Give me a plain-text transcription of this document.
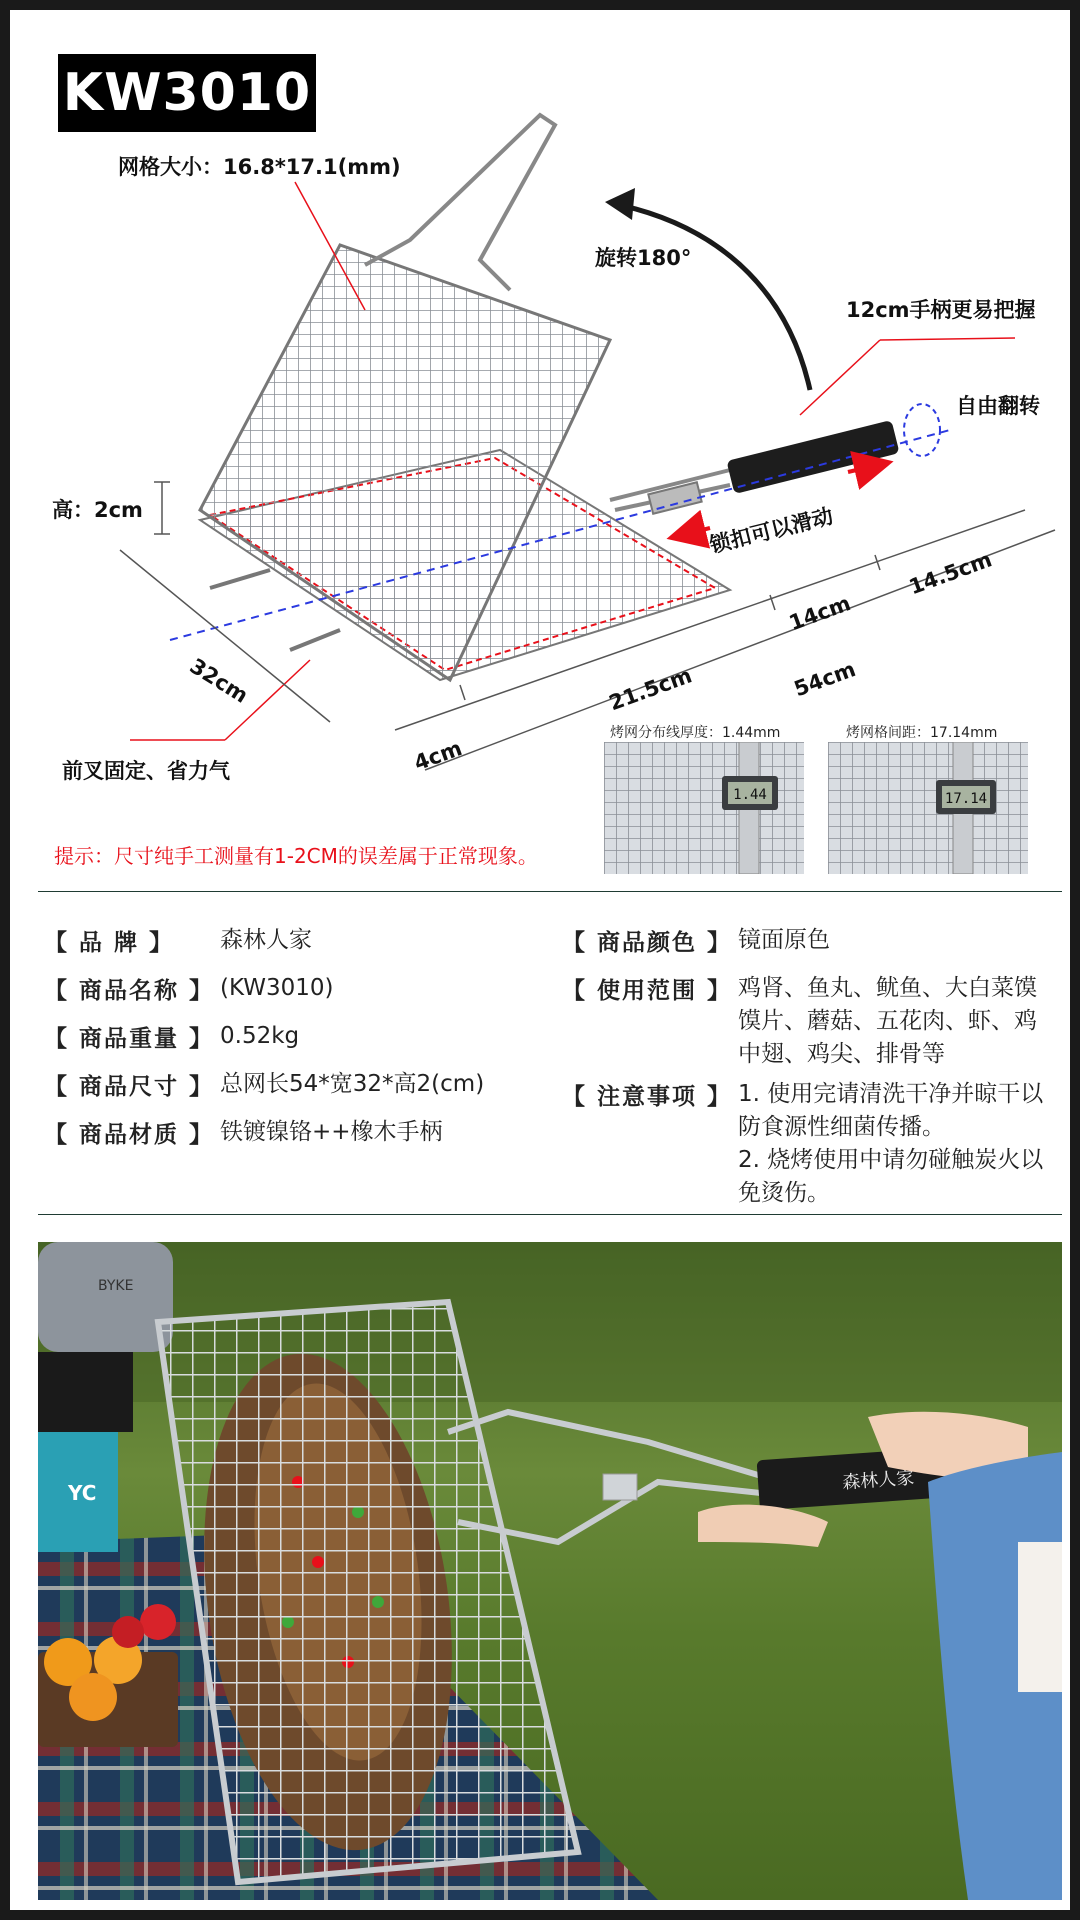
KW3010
网格大小：16.8*17.1(mm)
旋转180°
12cm手柄更易把握
自由翻转
高：2cm	锁扣可以滑动
32cm
14cm
14.5cm
21.5cm	54cm
4cm
前叉固定、省力气
烤网分布线厚度：1.44mm	烤网格间距：17.14mm
1.44	17.14
提示：尺寸纯手工测量有1-2CM的误差属于正常现象。
【 品 牌 】 森林人家
【 商品名称 】 (KW3010)
【 商品重量 】 0.52kg
【 商品尺寸 】 总网长54*宽32*高2(cm)
【 商品材质 】 铁镀镍铬++橡木手柄
【 商品颜色 】 镜面原色
【 使用范围 】 鸡肾、鱼丸、鱿鱼、大白菜馍馍片、蘑菇、五花肉、虾、鸡中翅、鸡尖、排骨等
【 注意事项 】 1. 使用完请清洗干净并晾干以防食源性细菌传播。
2. 烧烤使用中请勿碰触炭火以免烫伤。
BYKE
YC	森林人家
